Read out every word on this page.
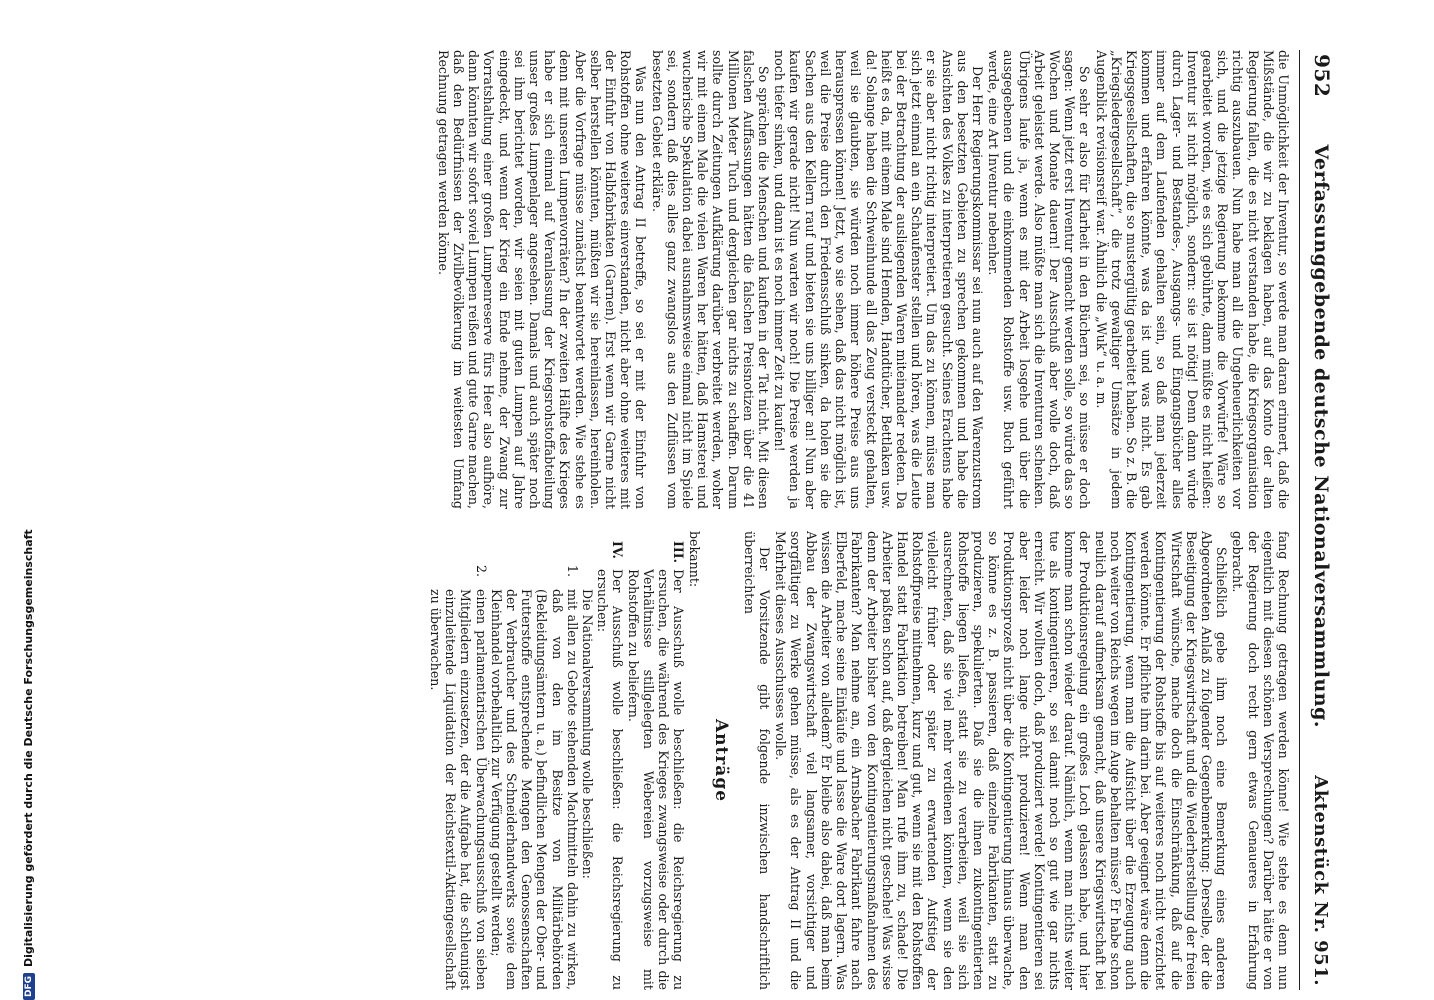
952
Verfassunggebende deutsche Nationalversammlung.
Aktenstück Nr. 951.

die Unmöglichkeit der Inventur, so werde man daran erinnert, daß die Mißstände, die wir zu beklagen haben, auf das Konto der alten Regierung fallen, die es nicht verstanden habe, die Kriegsorganisation richtig auszubauen. Nun habe man all die Ungeheuerlichkeiten vor sich, und die jetzige Regierung bekomme die Vorwürfe! Wäre so gearbeitet worden, wie es sich gebührte, dann müßte es nicht heißen: Inventur ist nicht möglich, sondern: sie ist nötig! Denn dann würde durch Lager- und Bestandes-, Ausgangs- und Eingangsbücher alles immer auf dem Laufenden gehalten sein, so daß man jederzeit kommen und erfahren könnte, was da ist und was nicht. Es gab Kriegsgesellschaften, die so mustergültig gearbeitet haben. So z. B. die „Kriegsledergesellschaft“, die trotz gewaltiger Umsätze in jedem Augenblick revisionsreif war. Ähnlich die „Wuk“ u. a. m.

So sehr er also für Klarheit in den Büchern sei, so müsse er doch sagen: Wenn jetzt erst Inventur gemacht werden solle, so würde das so Wochen und Monate dauern! Der Ausschuß aber wolle doch, daß Arbeit geleistet werde. Also müßte man sich die Inventuren schenken. Übrigens laufe ja, wenn es mit der Arbeit losgehe und über die ausgegebenen und die einkommenden Rohstoffe usw. Buch geführt werde, eine Art Inventur nebenher.

Der Herr Regierungskommissar sei nun auch auf den Warenzustrom aus den besetzten Gebieten zu sprechen gekommen und habe die Ansichten des Volkes zu interpretieren gesucht. Seines Erachtens habe er sie aber nicht richtig interpretiert. Um das zu können, müsse man sich jetzt einmal an ein Schaufenster stellen und hören, was die Leute bei der Betrachtung der ausliegenden Waren miteinander redeten. Da heißt es da, mit einem Male sind Hemden, Handtücher, Bettlaken usw. da! Solange haben die Schweinhunde all das Zeug versteckt gehalten, weil sie glaubten, sie würden noch immer höhere Preise aus uns herauspressen können! Jetzt, wo sie sehen, daß das nicht möglich ist, weil die Preise durch den Friedensschluß sinken, da holen sie die Sachen aus den Kellern rauf und bieten sie uns billiger an! Nun aber kaufen wir gerade nicht! Nun warten wir noch! Die Preise werden ja noch tiefer sinken, und dann ist es noch immer Zeit zu kaufen!

So sprächen die Menschen und kauften in der Tat nicht. Mit diesen falschen Auffassungen hätten die falschen Preisnotizen über die 41 Millionen Meter Tuch und dergleichen gar nichts zu schaffen. Darum sollte durch Zeitungen Aufklärung darüber verbreitet werden, woher wir mit einem Male die vielen Waren her hätten, daß Hamsterei und wucherische Spekulation dabei ausnahmsweise einmal nicht im Spiele sei, sondern daß dies alles ganz zwangslos aus den Zuflüssen vom besetzten Gebiet erkläre.

Was nun den Antrag II betreffe, so sei er mit der Einfuhr von Rohstoffen ohne weiteres einverstanden, nicht aber ohne weiteres mit der Einfuhr von Halbfabrikaten (Garnen). Erst wenn wir Garne nicht selber herstellen könnten, müßten wir sie hereinlassen, hereinholen. Aber die Vorfrage müsse zunächst beantwortet werden. Wie stehe es denn mit unseren Lumpenvorräten? In der zweiten Hälfte des Krieges habe er sich einmal auf Veranlassung der Kriegsrohstoffabteilung unser großes Lumpenlager angesehen. Damals und auch später noch sei ihm berichtet worden, wir seien mit guten Lumpen auf Jahre eingedeckt, und wenn der Krieg ein Ende nehme, der Zwang zur Vorratshaltung einer großen Lumpenreserve fürs Heer also aufhöre, dann könnten wir sofort soviel Lumpen reißen und gute Garne machen, daß den Bedürfnissen der Zivilbevölkerung im weitesten Umfang Rechnung getragen werden könne.

fang Rechnung getragen werden könne! Wie stehe es denn nun eigentlich mit diesen schönen Versprechungen? Darüber hätte er von der Regierung doch recht gern etwas Genaueres in Erfahrung gebracht.

Schließlich gebe ihm noch eine Bemerkung eines anderen Abgeordneten Anlaß zu folgender Gegenbemerkung: Derselbe, der die Beseitigung der Kriegswirtschaft und die Wiederherstellung der freien Wirtschaft wünsche, mache doch die Einschränkung, daß auf die Kontingentierung der Rohstoffe bis auf weiteres noch nicht verzichtet werden könnte. Er pflichte ihm darin bei. Aber geeignet wäre denn die Kontingentierung, wenn man die Aufsicht über die Erzeugung auch noch weiter von Reichs wegen im Auge behalten müsse? Er habe schon neulich darauf aufmerksam gemacht, daß unsere Kriegswirtschaft bei der Produktionsregelung ein großes Loch gelassen habe, und hier komme man schon wieder darauf. Nämlich, wenn man nichts weiter tue als kontingentieren, so sei damit noch so gut wie gar nichts erreicht. Wir wollten doch, daß produziert werde! Kontingentieren sei aber leider noch lange nicht produzieren! Wenn man den Produktionsprozeß nicht über die Kontingentierung hinaus überwache, so könne es z. B. passieren, daß einzelne Fabrikanten, statt zu produzieren, spekulierten. Daß sie die ihnen zukontingentierten Rohstoffe liegen ließen, statt sie zu verarbeiten, weil sie sich ausrechneten, daß sie viel mehr verdienen könnten, wenn sie den vielleicht früher oder später zu erwartenden Aufstieg der Rohstoffpreise mitnehmen, kurz und gut, wenn sie mit den Rohstoffen Handel statt Fabrikation betreiben! Man rufe ihm zu, schade! Die Arbeiter paßten schon auf, daß dergleichen nicht geschehe! Was wisse denn der Arbeiter bisher von den Kontingentierungsmaßnahmen des Fabrikanten? Man nehme an, ein Arnsbacher Fabrikant fahre nach Elberfeld, mache seine Einkäufe und lasse die Ware dort lagern. Was wissen die Arbeiter von alledem? Er bleibe also dabei, daß man beim Abbau der Zwangswirtschaft viel langsamer, vorsichtiger und sorgfältiger zu Werke gehen müsse, als es der Antrag II und die Mehrheit dieses Ausschusses wolle.

Der Vorsitzende gibt folgende inzwischen handschriftlich überreichten

Anträge

bekannt:

III.
Der Ausschuß wolle beschließen: die Reichsregierung zu ersuchen, die während des Krieges zwangsweise oder durch die Verhältnisse stillgelegten Webereien vorzugsweise mit Rohstoffen zu beliefern.
IV.
Der Ausschuß wolle beschließen: die Reichsregierung zu ersuchen:
Die Nationalversammlung wolle beschließen:
1.
mit allen zu Gebote stehenden Machtmitteln dahin zu wirken, daß von den im Besitze von Militärbehörden (Bekleidungsämtern u. a.) befindlichen Mengen der Ober- und Futterstoffe entsprechende Mengen den Genossenschaften der Verbraucher und des Schneiderhandwerks sowie dem Kleinhandel vorbehaltlich zur Verfügung gestellt werden;
2.
einen parlamentarischen Überwachungsausschuß von sieben Mitgliedern einzusetzen, der die Aufgabe hat, die schleunigst einzuleitende Liquidation der Reichstextil-Aktiengesellschaft zu überwachen.
DFG
Digitalisierung gefördert durch die Deutsche Forschungsgemeinschaft
